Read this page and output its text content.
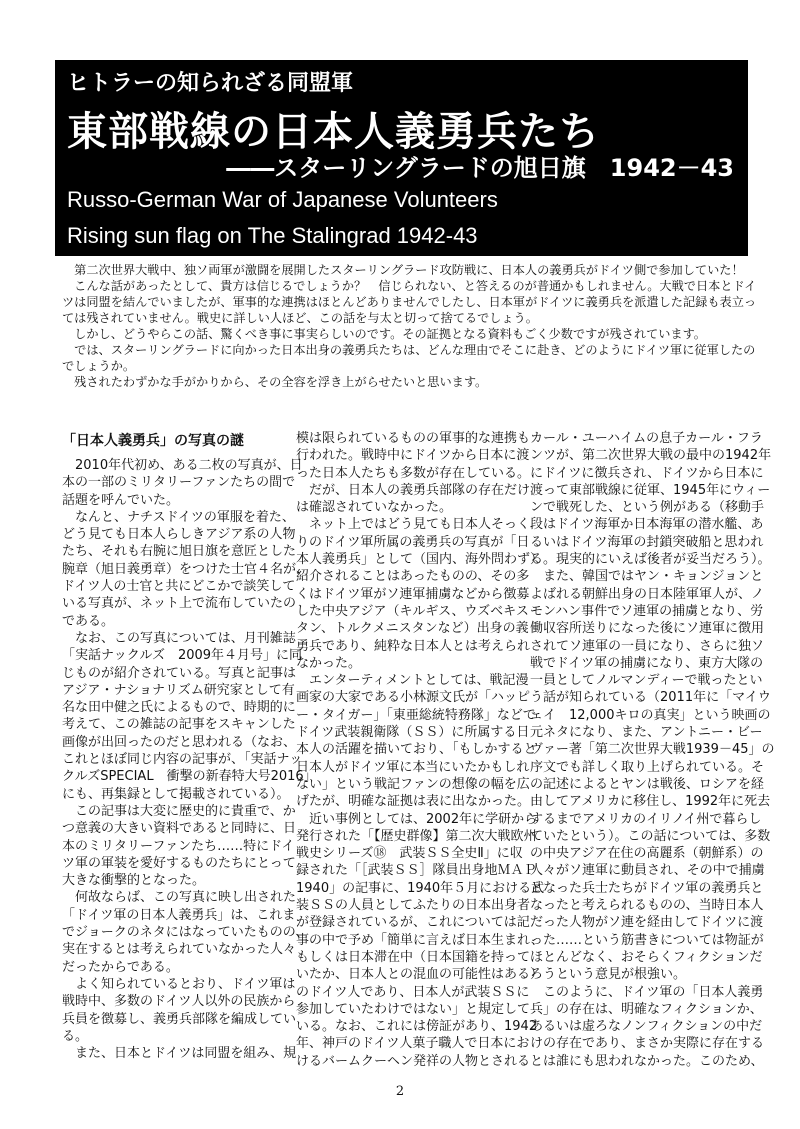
ヒトラーの知られざる同盟軍
東部戦線の日本人義勇兵たち
――スターリングラードの旭日旗　1942－43
Russo-German War of Japanese Volunteers
Rising sun flag on The Stalingrad 1942-43
　第二次世界大戦中、独ソ両軍が激闘を展開したスターリングラード攻防戦に、日本人の義勇兵がドイツ側で参加していた！
　こんな話があったとして、貴方は信じるでしょうか？　信じられない、と答えるのが普通かもしれません。大戦で日本とドイ
ツは同盟を結んでいましたが、軍事的な連携はほとんどありませんでしたし、日本軍がドイツに義勇兵を派遣した記録も表立っ
ては残されていません。戦史に詳しい人ほど、この話を与太と切って捨てるでしょう。
　しかし、どうやらこの話、驚くべき事に事実らしいのです。その証拠となる資料もごく少数ですが残されています。
　では、スターリングラードに向かった日本出身の義勇兵たちは、どんな理由でそこに赴き、どのようにドイツ軍に従軍したの
でしょうか。
　残されたわずかな手がかりから、その全容を浮き上がらせたいと思います。
「日本人義勇兵」の写真の謎
　2010年代初め、ある二枚の写真が、日
本の一部のミリタリーファンたちの間で
話題を呼んでいた。
　なんと、ナチスドイツの軍服を着た、
どう見ても日本人らしきアジア系の人物
たち、それも右腕に旭日旗を意匠とした
腕章（旭日義勇章）をつけた士官４名が、
ドイツ人の士官と共にどこかで談笑して
いる写真が、ネット上で流布していたの
である。
　なお、この写真については、月刊雑誌
「実話ナックルズ　2009年４月号」に同
じものが紹介されている。写真と記事は
アジア・ナショナリズム研究家として有
名な田中健之氏によるもので、時期的に
考えて、この雑誌の記事をスキャンした
画像が出回ったのだと思われる（なお、
これとほぼ同じ内容の記事が、「実話ナッ
クルズSPECIAL　衝撃の新春特大号2016」
にも、再集録として掲載されている）。
　この記事は大変に歴史的に貴重で、か
つ意義の大きい資料であると同時に、日
本のミリタリーファンたち……特にドイ
ツ軍の軍装を愛好するものたちにとって
大きな衝撃的となった。
　何故ならば、この写真に映し出された
「ドイツ軍の日本人義勇兵」は、これま
でジョークのネタにはなっていたものの、
実在するとは考えられていなかった人々
だったからである。
　よく知られているとおり、ドイツ軍は
戦時中、多数のドイツ人以外の民族から
兵員を徴募し、義勇兵部隊を編成してい
る。
　また、日本とドイツは同盟を組み、規
模は限られているものの軍事的な連携も
行われた。戦時中にドイツから日本に渡
った日本人たちも多数が存在している。
　だが、日本人の義勇兵部隊の存在だけ
は確認されていなかった。
　ネット上ではどう見ても日本人そっく
りのドイツ軍所属の義勇兵の写真が「日
本人義勇兵」として（国内、海外問わず）
紹介されることはあったものの、その多
くはドイツ軍がソ連軍捕虜などから徴募
した中央アジア（キルギス、ウズベキス
タン、トルクメニスタンなど）出身の義
勇兵であり、純粋な日本人とは考えられ
なかった。
　エンターティメントとしては、戦記漫
画家の大家である小林源文氏が「ハッピ
ー・タイガー」「東亜総統特務隊」などで
ドイツ武装親衛隊（ＳＳ）に所属する日
本人の活躍を描いており、「もしかすると
日本人がドイツ軍に本当にいたかもしれ
ない」という戦記ファンの想像の幅を広
げたが、明確な証拠は表に出なかった。
　近い事例としては、2002年に学研から
発行された「【歴史群像】第二次大戦欧州
戦史シリーズ⑱　武装ＳＳ全史Ⅱ」に収
録された「［武装ＳＳ］隊員出身地ＭＡＰ
1940」の記事に、1940年５月における武
装ＳＳの人員としてふたりの日本出身者
が登録されているが、これについては記
事の中で予め「簡単に言えば日本生まれ、
もしくは日本滞在中（日本国籍を持って
いたか、日本人との混血の可能性はある）
のドイツ人であり、日本人が武装ＳＳに
参加していたわけではない」と規定して
いる。なお、これには傍証があり、1942
年、神戸のドイツ人菓子職人で日本にお
けるバームクーヘン発祥の人物とされる
カール・ユーハイムの息子カール・フラ
ンツが、第二次世界大戦の最中の1942年
にドイツに徴兵され、ドイツから日本に
渡って東部戦線に従軍、1945年にウィー
ンで戦死した、という例がある（移動手
段はドイツ海軍か日本海軍の潜水艦、あ
るいはドイツ海軍の封鎖突破船と思われ
る。現実的にいえば後者が妥当だろう）。
　また、韓国ではヤン・キョンジョンと
よばれる朝鮮出身の日本陸軍軍人が、ノ
モンハン事件でソ連軍の捕虜となり、労
働収容所送りになった後にソ連軍に徴用
されてソ連軍の一員になり、さらに独ソ
戦でドイツ軍の捕虜になり、東方大隊の
一員としてノルマンディーで戦ったとい
う話が知られている（2011年に「マイウ
ェイ　12,000キロの真実」という映画の
元ネタになり、また、アントニー・ビー
ヴァー著「第二次世界大戦1939－45」の
序文でも詳しく取り上げられている。そ
の記述によるとヤンは戦後、ロシアを経
由してアメリカに移住し、1992年に死去
するまでアメリカのイリノイ州で暮らし
ていたという）。この話については、多数
の中央アジア在住の高麗系（朝鮮系）の
人々がソ連軍に動員され、その中で捕虜
となった兵士たちがドイツ軍の義勇兵と
なったと考えられるものの、当時日本人
だった人物がソ連を経由してドイツに渡
った……という筋書きについては物証が
ほとんどなく、おそらくフィクションだ
ろうという意見が根強い。
　このように、ドイツ軍の「日本人義勇
兵」の存在は、明確なフィクションか、
あるいは虚ろなノンフィクションの中だ
けの存在であり、まさか実際に存在する
とは誰にも思われなかった。このため、
2
